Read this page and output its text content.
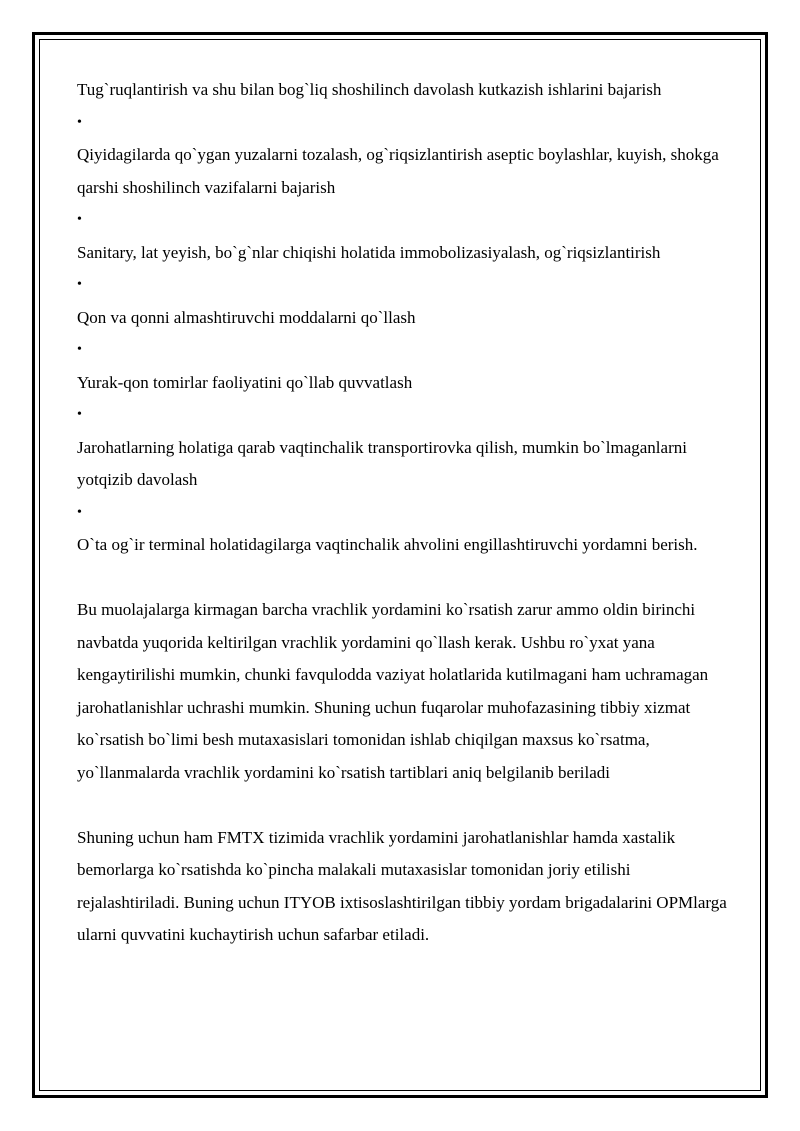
Tug`ruqlantirish va shu bilan bog`liq shoshilinch davolash kutkazish ishlarini bajarish

•

Qiyidagilarda qo`ygan yuzalarni tozalash, og`riqsizlantirish aseptic boylashlar, kuyish, shokga qarshi shoshilinch vazifalarni bajarish

•

Sanitary, lat yeyish, bo`g`nlar chiqishi holatida immobolizasiyalash, og`riqsizlantirish

•

Qon va qonni almashtiruvchi moddalarni qo`llash

•

Yurak-qon tomirlar faoliyatini qo`llab quvvatlash

•

Jarohatlarning holatiga qarab vaqtinchalik transportirovka qilish, mumkin bo`lmaganlarni yotqizib davolash

•

O`ta og`ir terminal holatidagilarga vaqtinchalik ahvolini engillashtiruvchi yordamni berish.

Bu muolajalarga kirmagan barcha vrachlik yordamini ko`rsatish zarur ammo oldin birinchi navbatda yuqorida keltirilgan vrachlik yordamini qo`llash kerak. Ushbu ro`yxat yana kengaytirilishi mumkin, chunki favqulodda vaziyat holatlarida kutilmagani ham uchramagan jarohatlanishlar uchrashi mumkin. Shuning uchun fuqarolar muhofazasining tibbiy xizmat ko`rsatish bo`limi besh mutaxasislari tomonidan ishlab chiqilgan maxsus ko`rsatma, yo`llanmalarda vrachlik yordamini ko`rsatish tartiblari aniq belgilanib beriladi

Shuning uchun ham FMTX tizimida vrachlik yordamini jarohatlanishlar hamda xastalik bemorlarga ko`rsatishda ko`pincha malakali mutaxasislar tomonidan joriy etilishi rejalashtiriladi. Buning uchun ITYOB ixtisoslashtirilgan tibbiy yordam brigadalarini OPMlarga ularni quvvatini kuchaytirish uchun safarbar etiladi.
